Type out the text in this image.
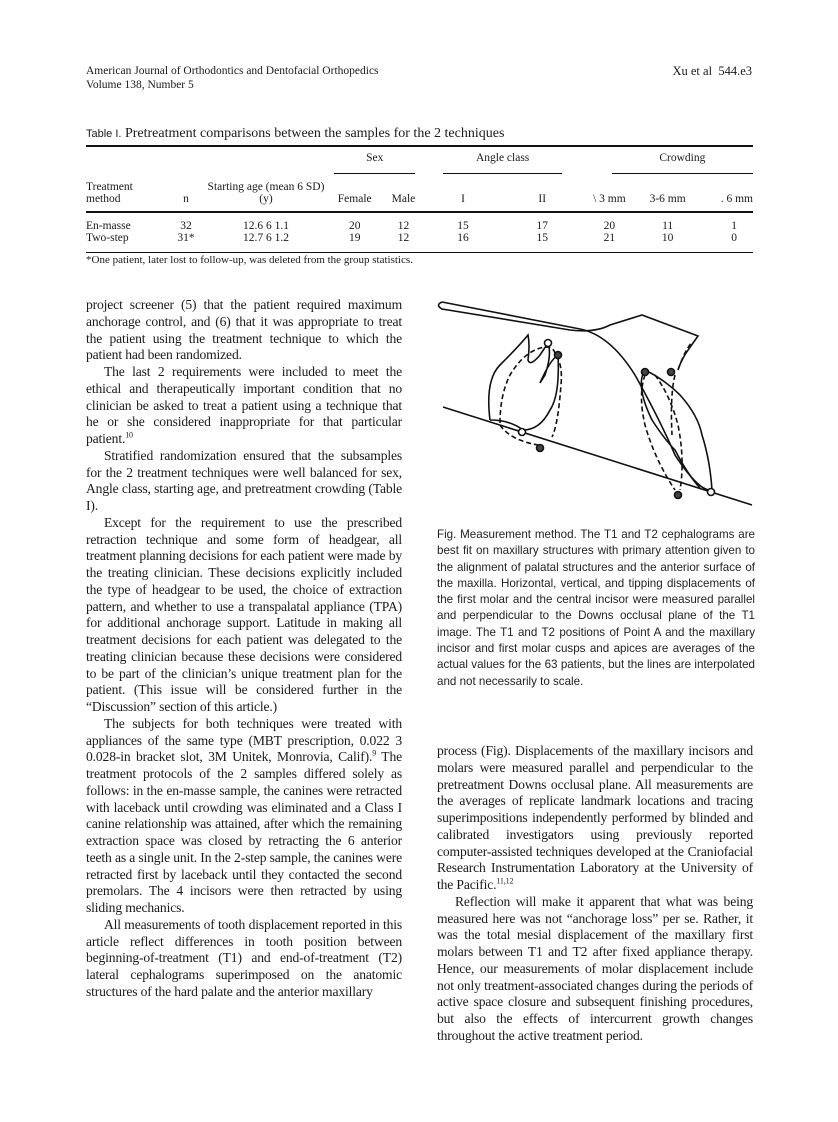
American Journal of Orthodontics and Dentofacial Orthopedics
Volume 138, Number 5
Xu et al 544.e3
Table I. Pretreatment comparisons between the samples for the 2 techniques

			Sex		Angle class		Crowding		

Treatment method	n	Starting age (mean 6 SD) (y)	Female	Male	I	II	\ 3 mm	3-6 mm	. 6 mm
En-masse	32	12.6 6 1.1	20	12	15	17	20	11	1
Two-step	31*	12.7 6 1.2	19	12	16	15	21	10	0
*One patient, later lost to follow-up, was deleted from the group statistics.

project screener (5) that the patient required maximum anchorage control, and (6) that it was appropriate to treat the patient using the treatment technique to which the patient had been randomized.

The last 2 requirements were included to meet the ethical and therapeutically important condition that no clinician be asked to treat a patient using a technique that he or she considered inappropriate for that particular patient.$^{10}$

Stratified randomization ensured that the subsamples for the 2 treatment techniques were well balanced for sex, Angle class, starting age, and pretreatment crowding (Table I).

Except for the requirement to use the prescribed retraction technique and some form of headgear, all treatment planning decisions for each patient were made by the treating clinician. These decisions explicitly included the type of headgear to be used, the choice of extraction pattern, and whether to use a transpalatal appliance (TPA) for additional anchorage support. Latitude in making all treatment decisions for each patient was delegated to the treating clinician because these decisions were considered to be part of the clinician’s unique treatment plan for the patient. (This issue will be considered further in the “Discussion” section of this article.)

The subjects for both techniques were treated with appliances of the same type (MBT prescription, 0.022 3 0.028-in bracket slot, 3M Unitek, Monrovia, Calif).$^9$ The treatment protocols of the 2 samples differed solely as follows: in the en-masse sample, the canines were retracted with laceback until crowding was eliminated and a Class I canine relationship was attained, after which the remaining extraction space was closed by retracting the 6 anterior teeth as a single unit. In the 2-step sample, the canines were retracted first by laceback until they contacted the second premolars. The 4 incisors were then retracted by using sliding mechanics.

All measurements of tooth displacement reported in this article reflect differences in tooth position between beginning-of-treatment (T1) and end-of-treatment (T2) lateral cephalograms superimposed on the anatomic structures of the hard palate and the anterior maxillary

Fig. Measurement method. The T1 and T2 cephalograms are best fit on maxillary structures with primary attention given to the alignment of palatal structures and the anterior surface of the maxilla. Horizontal, vertical, and tipping displacements of the first molar and the central incisor were measured parallel and perpendicular to the Downs occlusal plane of the T1 image. The T1 and T2 positions of Point A and the maxillary incisor and first molar cusps and apices are averages of the actual values for the 63 patients, but the lines are interpolated and not necessarily to scale.

process (Fig). Displacements of the maxillary incisors and molars were measured parallel and perpendicular to the pretreatment Downs occlusal plane. All measurements are the averages of replicate landmark locations and tracing superimpositions independently performed by blinded and calibrated investigators using previously reported computer-assisted techniques developed at the Craniofacial Research Instrumentation Laboratory at the University of the Pacific.$^{11,12}$

Reflection will make it apparent that what was being measured here was not “anchorage loss” per se. Rather, it was the total mesial displacement of the maxillary first molars between T1 and T2 after fixed appliance therapy. Hence, our measurements of molar displacement include not only treatment-associated changes during the periods of active space closure and subsequent finishing procedures, but also the effects of intercurrent growth changes throughout the active treatment period.
